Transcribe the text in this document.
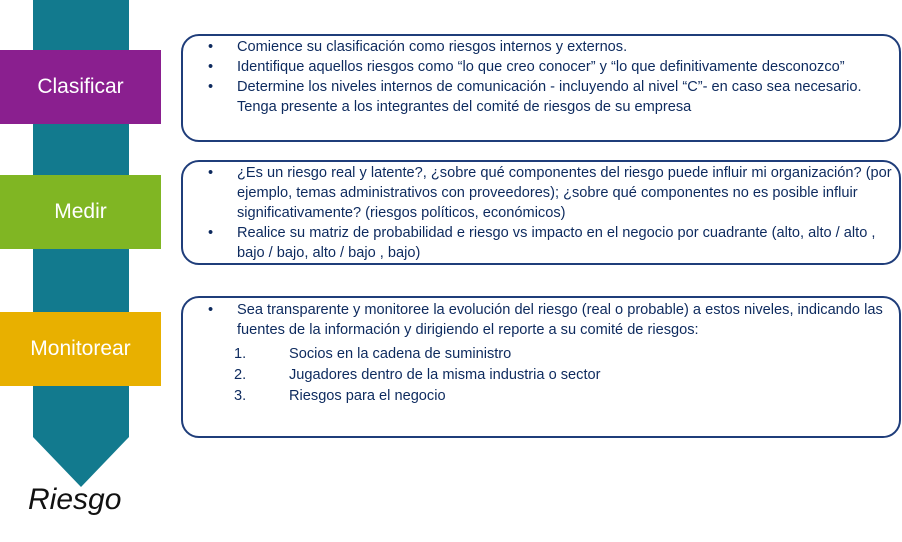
Clasificar
Medir
Monitorear
• Comience su clasificación como riesgos internos y externos.
• Identifique aquellos riesgos como “lo que creo conocer” y “lo que definitivamente desconozco”
• Determine los niveles internos de comunicación - incluyendo al nivel “C”- en caso sea necesario. Tenga presente a los integrantes del comité de riesgos de su empresa
• ¿Es un riesgo real y latente?, ¿sobre qué componentes del riesgo puede influir mi organización? (por ejemplo, temas administrativos con proveedores); ¿sobre qué componentes no es posible influir significativamente? (riesgos políticos, económicos)
• Realice su matriz de probabilidad e riesgo vs impacto en el negocio por cuadrante (alto, alto / alto , bajo / bajo, alto / bajo , bajo)
• Sea transparente y monitoree la evolución del riesgo (real o probable) a estos niveles, indicando las fuentes de la información y dirigiendo el reporte a su comité de riesgos:
1.	Socios en la cadena de suministro
2.	Jugadores dentro de la misma industria o sector
3.	Riesgos para el negocio
Riesgo
